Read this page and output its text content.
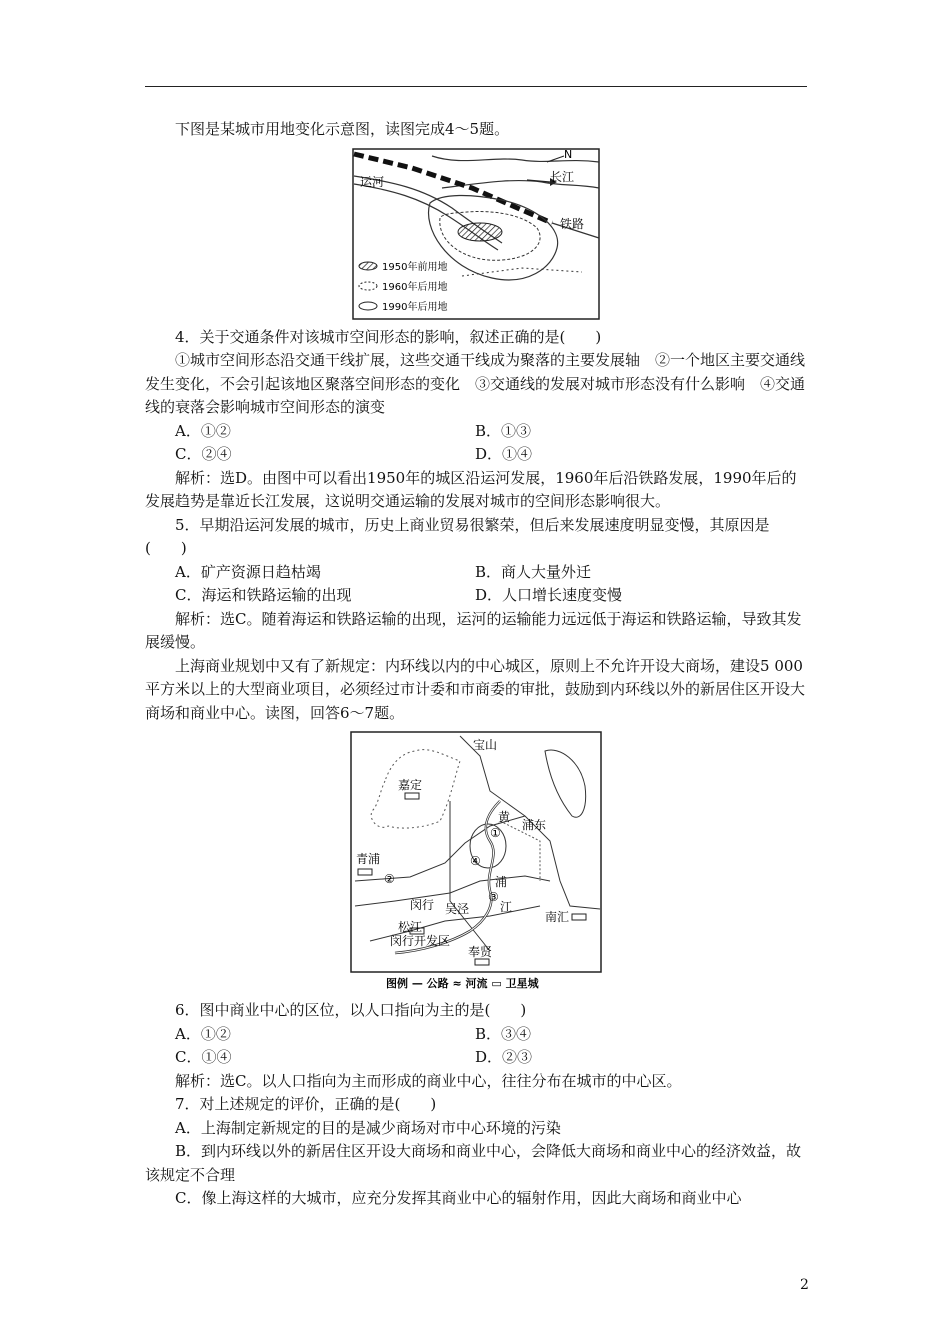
下图是某城市用地变化示意图，读图完成4～5题。

N
运河	长江
铁路
1950年前用地
1960年后用地
1990年后用地

4．关于交通条件对该城市空间形态的影响，叙述正确的是(　　)

①城市空间形态沿交通干线扩展，这些交通干线成为聚落的主要发展轴　②一个地区主要交通线发生变化，不会引起该地区聚落空间形态的变化　③交通线的发展对城市形态没有什么影响　④交通线的衰落会影响城市空间形态的演变

A．①②	B．①③
C．②④	D．①④

解析：选D。由图中可以看出1950年的城区沿运河发展，1960年后沿铁路发展，1990年后的发展趋势是靠近长江发展，这说明交通运输的发展对城市的空间形态影响很大。

5．早期沿运河发展的城市，历史上商业贸易很繁荣，但后来发展速度明显变慢，其原因是(　　)

A．矿产资源日趋枯竭	B．商人大量外迁
C．海运和铁路运输的出现	D．人口增长速度变慢

解析：选C。随着海运和铁路运输的出现，运河的运输能力远远低于海运和铁路运输，导致其发展缓慢。

上海商业规划中又有了新规定：内环线以内的中心城区，原则上不允许开设大商场，建设5 000平方米以上的大型商业项目，必须经过市计委和市商委的审批，鼓励到内环线以外的新居住区开设大商场和商业中心。读图，回答6～7题。

宝山
嘉定
青浦
浦东
闵行 吴泾
松江
闵行开发区
南汇
奉贤
黄
浦
江
①
②
③
④
图例 — 公路 ≈ 河流 ▭ 卫星城

6．图中商业中心的区位，以人口指向为主的是(　　)

A．①②	B．③④
C．①④	D．②③

解析：选C。以人口指向为主而形成的商业中心，往往分布在城市的中心区。

7．对上述规定的评价，正确的是(　　)

A．上海制定新规定的目的是减少商场对市中心环境的污染

B．到内环线以外的新居住区开设大商场和商业中心，会降低大商场和商业中心的经济效益，故该规定不合理

C．像上海这样的大城市，应充分发挥其商业中心的辐射作用，因此大商场和商业中心

2
